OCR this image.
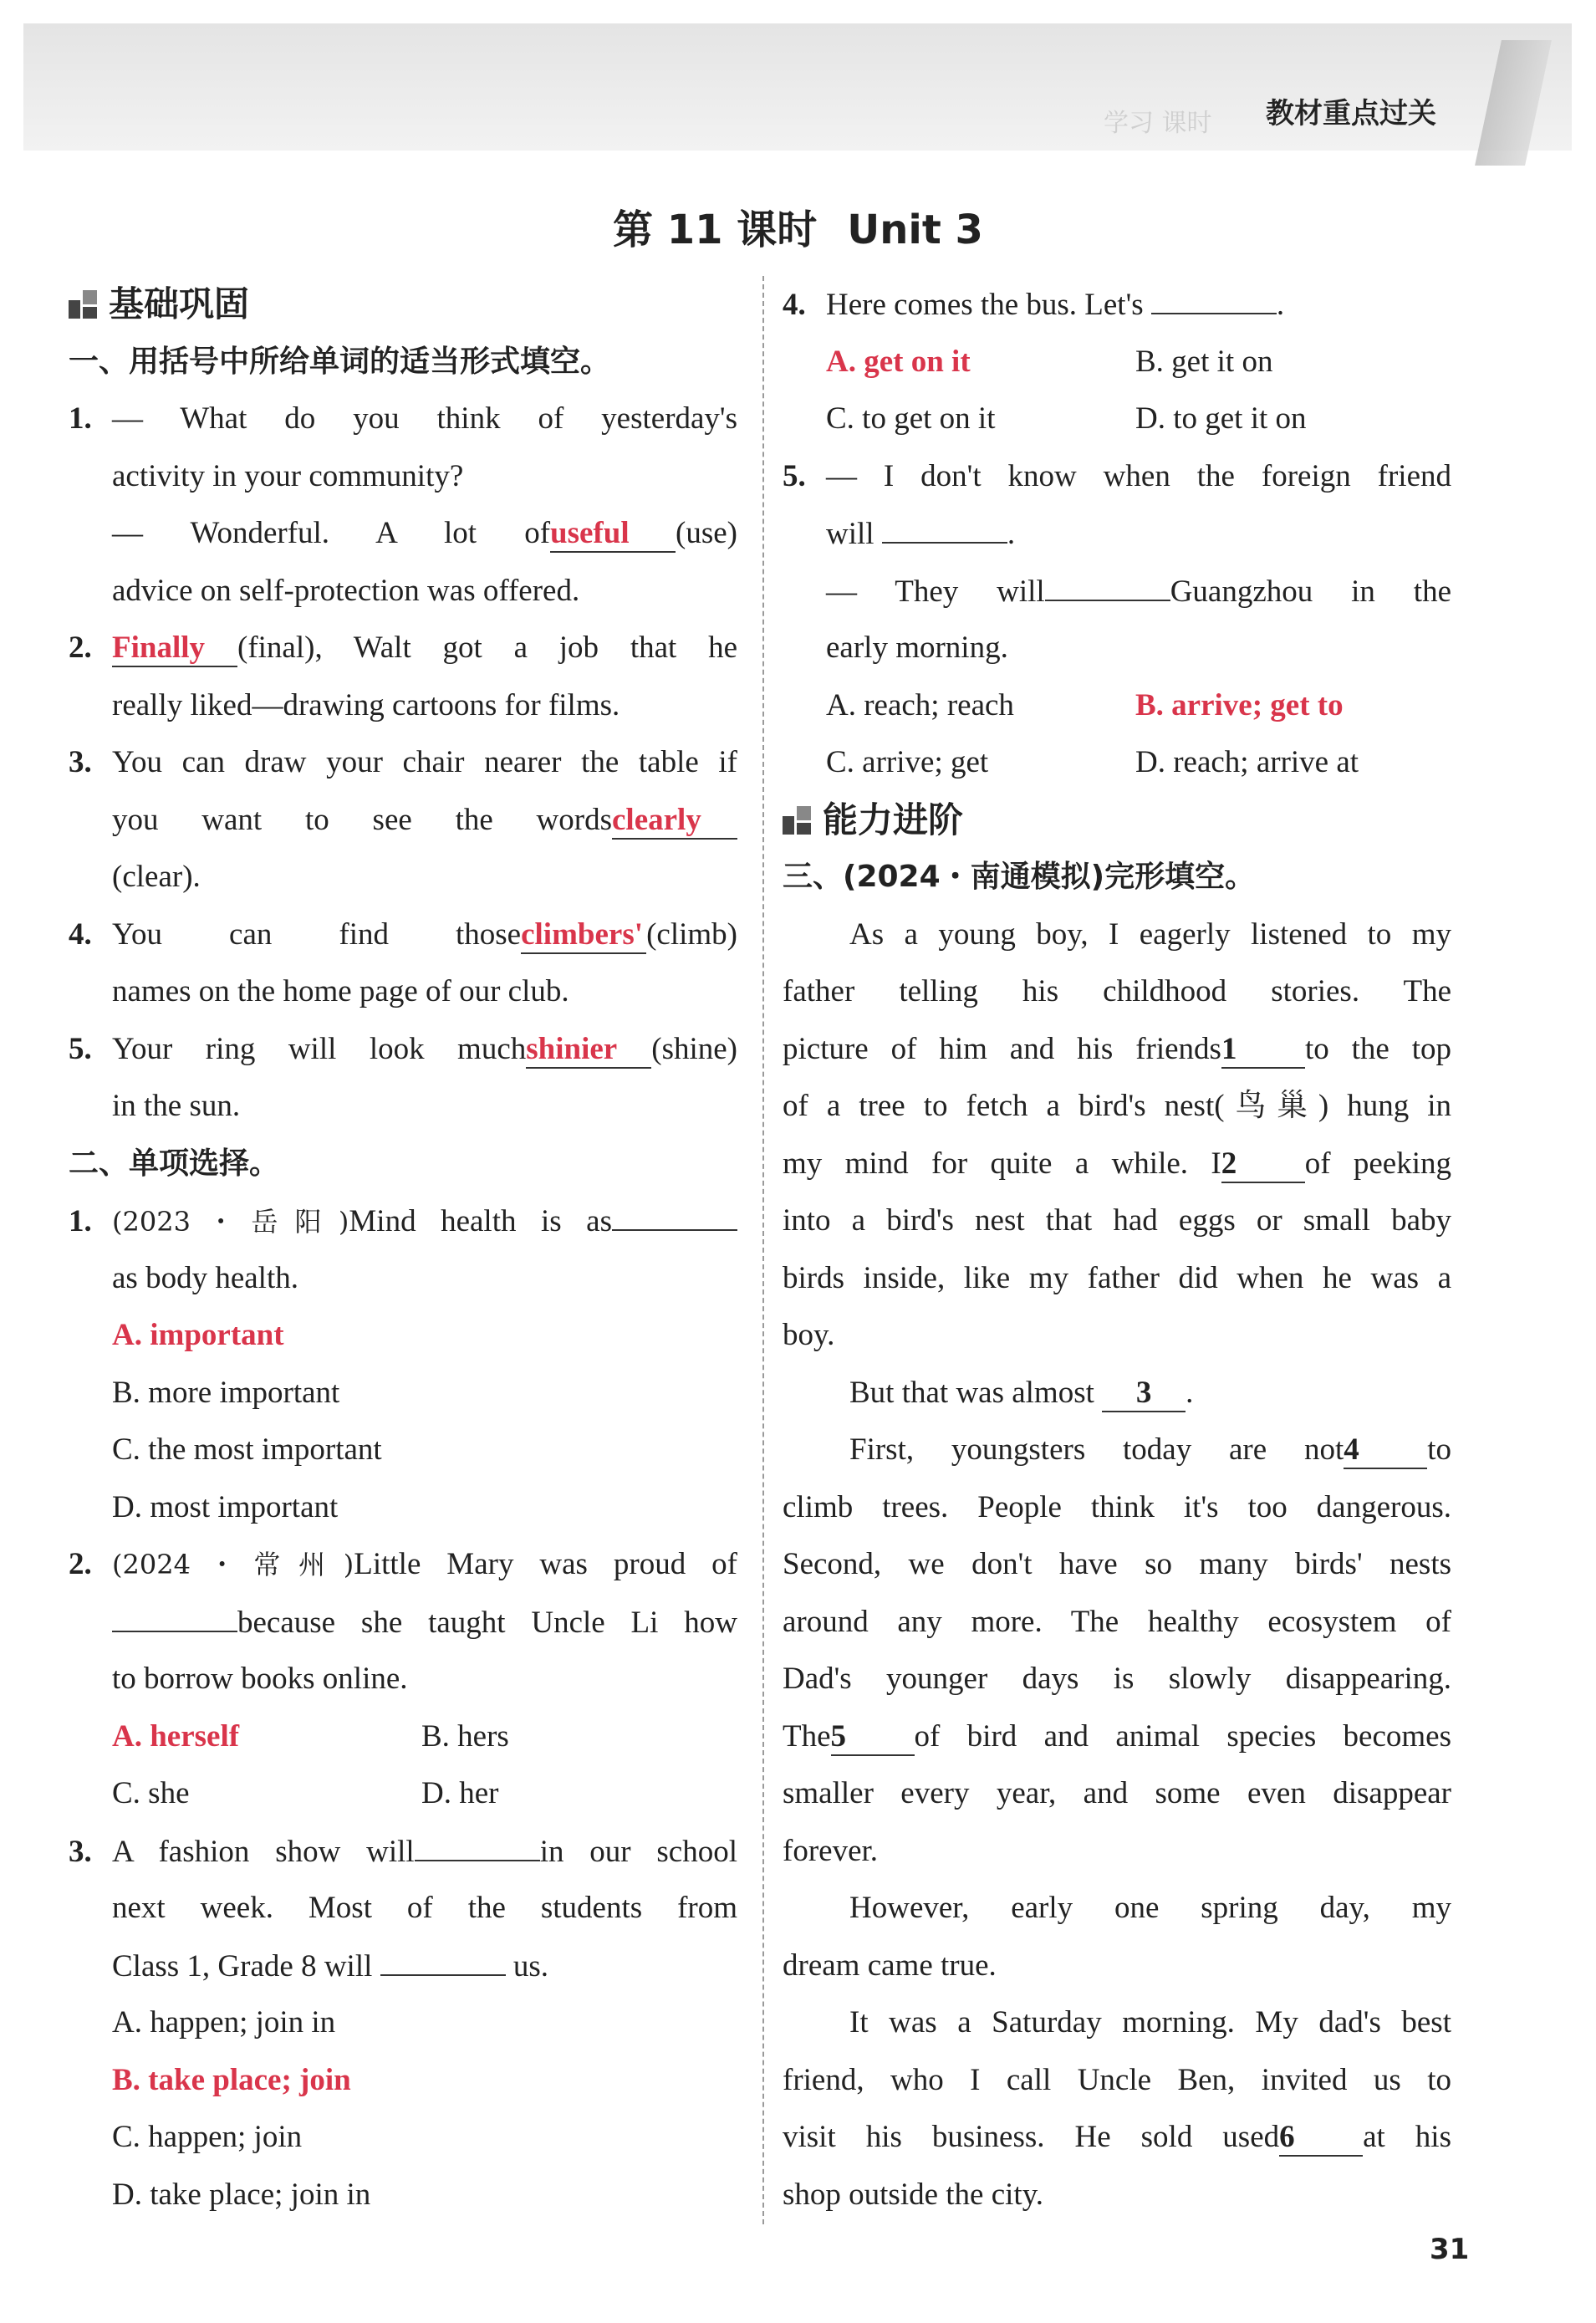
学习 课时 教材重点过关
第 11 课时 Unit 3
基础巩固
一、用括号中所给单词的适当形式填空。
1. — What do you think of yesterday's
activity in your community?
— Wonderful. A lot ofuseful (use)
advice on self-protection was offered.
2. Finally (final), Walt got a job that he
really liked—drawing cartoons for films.
3. You can draw your chair nearer the table if
you want to see the wordsclearly
(clear).
4. You can find thoseclimbers' (climb)
names on the home page of our club.
5. Your ring will look muchshinier (shine)
in the sun.
二、单项选择。
1. (2023・岳阳)Mind health is as
as body health.
A. important
B. more important
C. the most important
D. most important
2. (2024・常州)Little Mary was proud of
because she taught Uncle Li how
to borrow books online.
A. herself	B. hers
C. she	D. her
3. A fashion show will	in our school
next week. Most of the students from
Class 1, Grade 8 will	us.
A. happen; join in
B. take place; join
C. happen; join
D. take place; join in
4. Here comes the bus. Let's	.
A. get on it	B. get it on
C. to get on it	D. to get it on
5. — I don't know when the foreign friend
will	.
— They will	Guangzhou in the
early morning.
A. reach; reach	B. arrive; get to
C. arrive; get	D. reach; arrive at
能力进阶
三、(2024・南通模拟)完形填空。
As a young boy, I eagerly listened to my
father telling his childhood stories. The
picture of him and his friends1 to the top
of a tree to fetch a bird's nest(鸟巢) hung in
my mind for quite a while. I2 of peeking
into a bird's nest that had eggs or small baby
birds inside, like my father did when he was a
boy.
But that was almost 3 .
First, youngsters today are not4 to
climb trees. People think it's too dangerous.
Second, we don't have so many birds' nests
around any more. The healthy ecosystem of
Dad's younger days is slowly disappearing.
The5 of bird and animal species becomes
smaller every year, and some even disappear
forever.
However, early one spring day, my
dream came true.
It was a Saturday morning. My dad's best
friend, who I call Uncle Ben, invited us to
visit his business. He sold used6 at his
shop outside the city.
31
